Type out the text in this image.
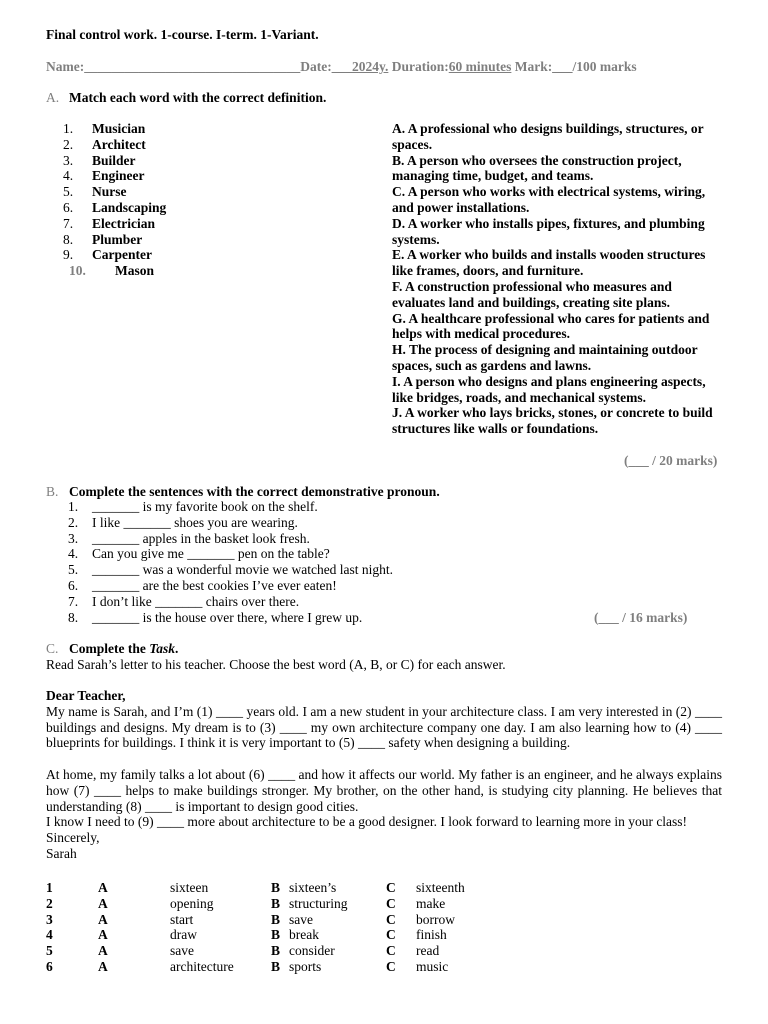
Final control work. 1-course. I-term. 1-Variant.
Name:________________________________Date:___2024y. Duration:60 minutes Mark:___/100 marks
A. Match each word with the correct definition.
1.	Musician
2.	Architect
3.	Builder
4.	Engineer
5.	Nurse
6.	Landscaping
7.	Electrician
8.	Plumber
9.	Carpenter
10.	Mason
A. A professional who designs buildings, structures, or spaces.
B. A person who oversees the construction project, managing time, budget, and teams.
C. A person who works with electrical systems, wiring, and power installations.
D. A worker who installs pipes, fixtures, and plumbing systems.
E. A worker who builds and installs wooden structures like frames, doors, and furniture.
F. A construction professional who measures and evaluates land and buildings, creating site plans.
G. A healthcare professional who cares for patients and helps with medical procedures.
H. The process of designing and maintaining outdoor spaces, such as gardens and lawns.
I. A person who designs and plans engineering aspects, like bridges, roads, and mechanical systems.
J. A worker who lays bricks, stones, or concrete to build structures like walls or foundations.
(___ / 20 marks)
B. Complete the sentences with the correct demonstrative pronoun.
1.	_______ is my favorite book on the shelf.
2.	I like _______ shoes you are wearing.
3.	_______ apples in the basket look fresh.
4.	Can you give me _______ pen on the table?
5.	_______ was a wonderful movie we watched last night.
6.	_______ are the best cookies I’ve ever eaten!
7.	I don’t like _______ chairs over there.
8.	_______ is the house over there, where I grew up.	(___ / 16 marks)
C. Complete the Task.
Read Sarah’s letter to his teacher. Choose the best word (A, B, or C) for each answer.

Dear Teacher,

My name is Sarah, and I’m (1) ____ years old. I am a new student in your architecture class. I am very interested in (2) ____ buildings and designs. My dream is to (3) ____ my own architecture company one day. I am also learning how to (4) ____ blueprints for buildings. I think it is very important to (5) ____ safety when designing a building.

At home, my family talks a lot about (6) ____ and how it affects our world. My father is an engineer, and he always explains how (7) ____ helps to make buildings stronger. My brother, on the other hand, is studying city planning. He believes that understanding (8) ____ is important to design good cities.

I know I need to (9) ____ more about architecture to be a good designer. I look forward to learning more in your class!

Sincerely,

Sarah

1	A	sixteen	B	sixteen’s	C	sixteenth
2	A	opening	B	structuring	C	make
3	A	start	B	save	C	borrow
4	A	draw	B	break	C	finish
5	A	save	B	consider	C	read
6	A	architecture	B	sports	C	music
